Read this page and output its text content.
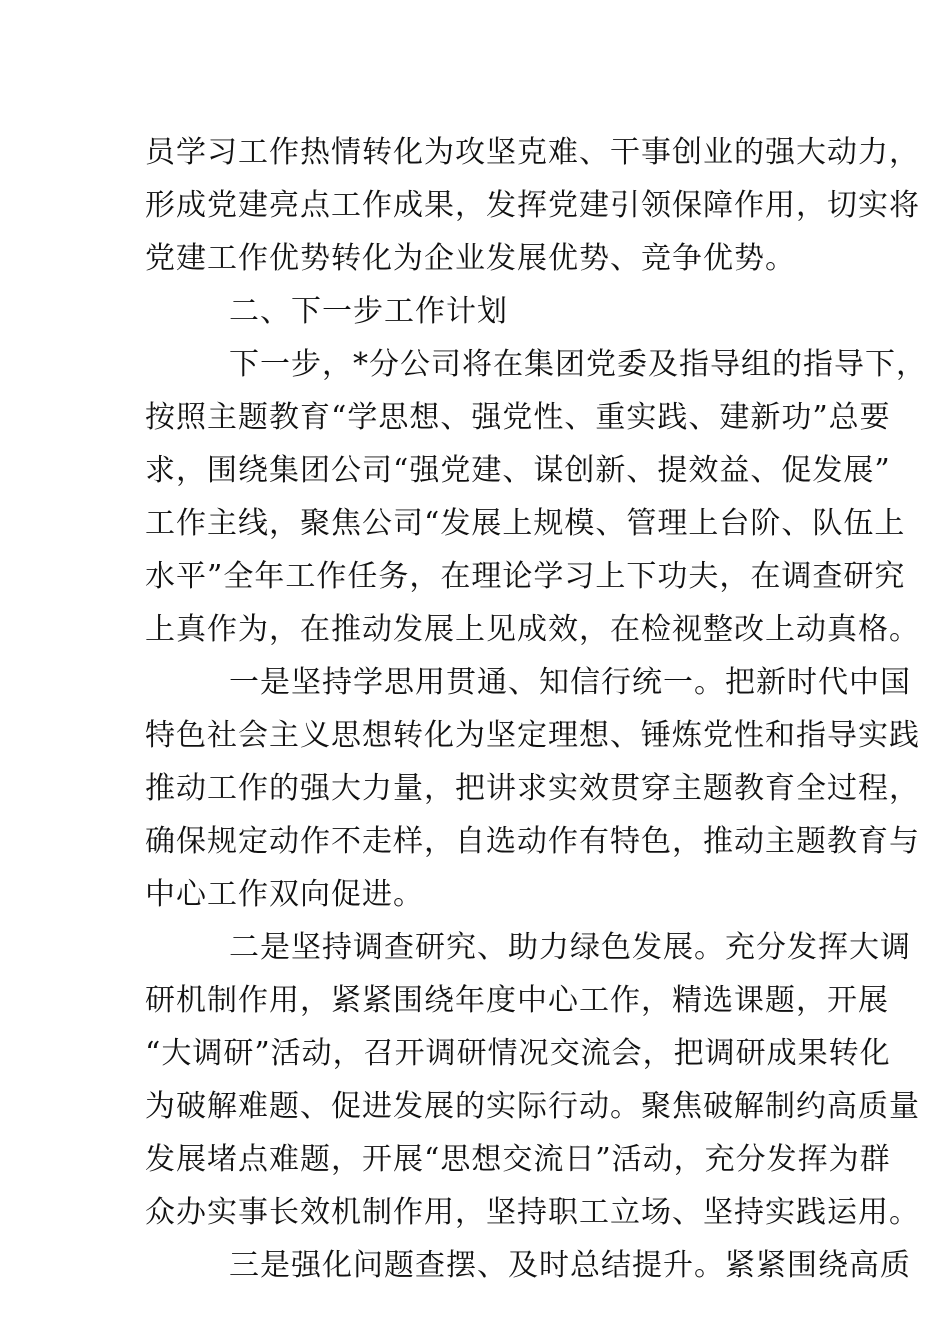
员学习工作热情转化为攻坚克难、干事创业的强大动力，
形成党建亮点工作成果，发挥党建引领保障作用，切实将
党建工作优势转化为企业发展优势、竞争优势。
二、下一步工作计划
下一步，*分公司将在集团党委及指导组的指导下，
按照主题教育“学思想、强党性、重实践、建新功”总要
求，围绕集团公司“强党建、谋创新、提效益、促发展”
工作主线，聚焦公司“发展上规模、管理上台阶、队伍上
水平”全年工作任务，在理论学习上下功夫，在调查研究
上真作为，在推动发展上见成效，在检视整改上动真格。
一是坚持学思用贯通、知信行统一。把新时代中国
特色社会主义思想转化为坚定理想、锤炼党性和指导实践
推动工作的强大力量，把讲求实效贯穿主题教育全过程，
确保规定动作不走样，自选动作有特色，推动主题教育与
中心工作双向促进。
二是坚持调查研究、助力绿色发展。充分发挥大调
研机制作用，紧紧围绕年度中心工作，精选课题，开展
“大调研”活动，召开调研情况交流会，把调研成果转化
为破解难题、促进发展的实际行动。聚焦破解制约高质量
发展堵点难题，开展“思想交流日”活动，充分发挥为群
众办实事长效机制作用，坚持职工立场、坚持实践运用。
三是强化问题查摆、及时总结提升。紧紧围绕高质
